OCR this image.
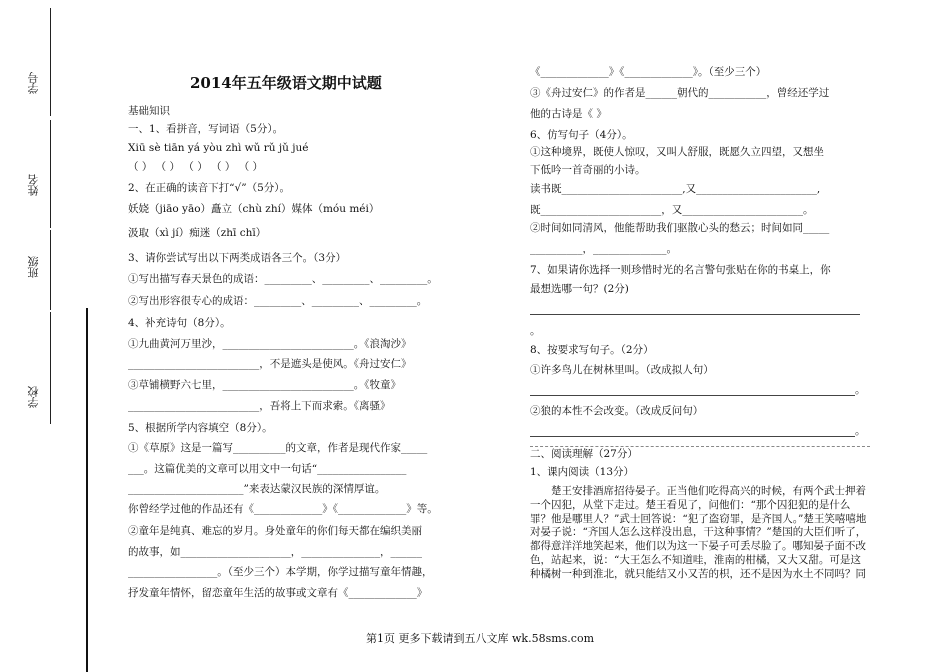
学号
姓名
班级
学校
2014年五年级语文期中试题
基础知识
一、1、看拼音，写词语（5分）。
Xiū sè tiān yá yòu zhì wǔ rǔ jǔ jué
（ ） （ ） （ ） （ ） （ ）
2、在正确的读音下打“√”（5分）。
妖娆（jiāo yāo）矗立（chù zhí）媒体（móu méi）
汲取（xì jí）痴迷（zhī chī）
3、请你尝试写出以下两类成语各三个。（3分）
①写出描写春天景色的成语：_________、_________、_________。
②写出形容很专心的成语：_________、_________、_________。
4、补充诗句（8分）。
①九曲黄河万里沙，_________________________。《浪淘沙》
_________________________，不是遮头是使风。《舟过安仁》
③草铺横野六七里，_________________________。《牧童》
_________________________，吾将上下而求索。《离骚》
5、根据所学内容填空（8分）。
①《草原》这是一篇写__________的文章，作者是现代作家_____
___。这篇优美的文章可以用文中一句话“_________________
______________________”来表达蒙汉民族的深情厚谊。
你曾经学过他的作品还有《_____________》《_____________》等。
②童年是纯真、难忘的岁月。身处童年的你们每天都在编织美丽
的故事，如_____________________，_______________，______
_________________。（至少三个）本学期，你学过描写童年情趣，
抒发童年情怀，留恋童年生活的故事或文章有《_____________》
《_____________》《_____________》。（至少三个）
③《舟过安仁》的作者是______朝代的___________，曾经还学过
他的古诗是《 》
6、仿写句子（4分）。
①这种境界，既使人惊叹，又叫人舒服，既愿久立四望，又想坐
下低吟一首奇丽的小诗。
读书既_______________________,又_______________________,
既_______________________，又_______________________。
②时间如同清风，他能帮助我们驱散心头的愁云；时间如同_____
__________，______________。
7、如果请你选择一则珍惜时光的名言警句张贴在你的书桌上，你
最想选哪一句？(2分)
。
8、按要求写句子。（2分）
①许多鸟儿在树林里叫。（改成拟人句）
。
②狼的本性不会改变。（改成反问句）
。
二、阅读理解（27分）
1、课内阅读（13分）
楚王安排酒席招待晏子。正当他们吃得高兴的时候，有两个武士押着一个囚犯，从堂下走过。楚王看见了，问他们：“那个囚犯犯的是什么罪？他是哪里人？”武士回答说：“犯了盗窃罪，是齐国人。”楚王笑嘻嘻地对晏子说：“齐国人怎么这样没出息，干这种事情？”楚国的大臣们听了，都得意洋洋地笑起来，他们以为这一下晏子可丢尽脸了。哪知晏子面不改色，站起来，说：“大王怎么不知道哇，淮南的柑橘，又大又甜。可是这种橘树一种到淮北，就只能结又小又苦的枳，还不是因为水土不同吗？同
第1页 更多下载请到五八文库 wk.58sms.com
